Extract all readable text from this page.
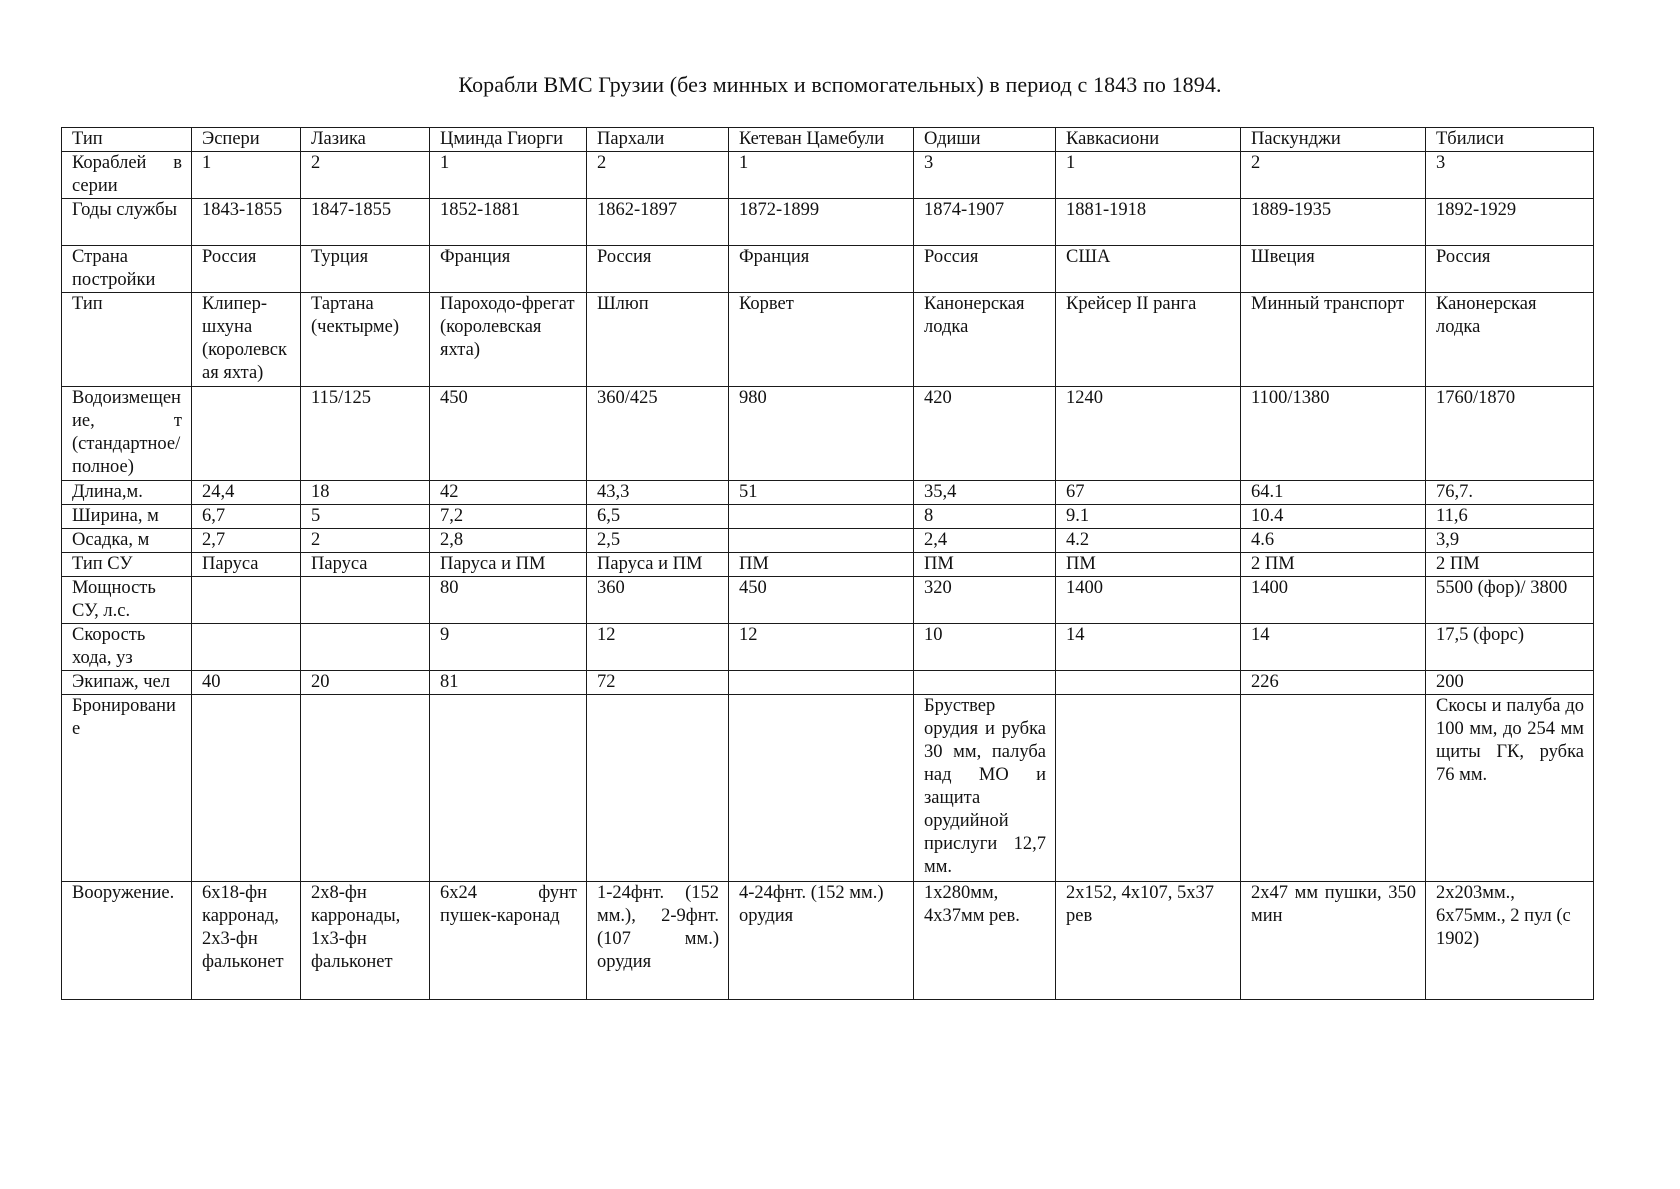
Корабли ВМС Грузии (без минных и вспомогательных) в период с 1843 по 1894.
Тип	Эспери	Лазика	Цминда Гиорги	Пархали	Кетеван Цамебули	Одиши	Кавкасиони	Паскунджи	Тбилиси
Кораблей в серии	1	2	1	2	1	3	1	2	3
Годы службы	1843-1855	1847-1855	1852-1881	1862-1897	1872-1899	1874-1907	1881-1918	1889-1935	1892-1929
Страна постройки	Россия	Турция	Франция	Россия	Франция	Россия	США	Швеция	Россия
Тип	Клипер-шхуна (королевская яхта)	Тартана (чектырме)	Пароходо-фрегат (королевская яхта)	Шлюп	Корвет	Канонерская лодка	Крейсер II ранга	Минный транспорт	Канонерская лодка
Водоизмещение, т (стандартное/полное)		115/125	450	360/425	980	420	1240	1100/1380	1760/1870
Длина,м.	24,4	18	42	43,3	51	35,4	67	64.1	76,7.
Ширина, м	6,7	5	7,2	6,5		8	9.1	10.4	11,6
Осадка, м	2,7	2	2,8	2,5		2,4	4.2	4.6	3,9
Тип СУ	Паруса	Паруса	Паруса и ПМ	Паруса и ПМ	ПМ	ПМ	ПМ	2 ПМ	2 ПМ
Мощность СУ, л.с.			80	360	450	320	1400	1400	5500 (фор)/ 3800
Скорость хода, уз			9	12	12	10	14	14	17,5 (форс)
Экипаж, чел	40	20	81	72				226	200
Бронирование						Бруствер орудия и рубка 30 мм, палуба над МО и защита орудийной прислуги 12,7 мм.			Скосы и палуба до 100 мм, до 254 мм щиты ГК, рубка 76 мм.
Вооружение.	6х18-фн карронад, 2х3-фн фальконет	2х8-фн карронады, 1х3-фн фальконет	6х24 фунт пушек-каронад	1-24фнт. (152 мм.), 2-9фнт. (107 мм.) орудия	4-24фнт. (152 мм.) орудия	1х280мм, 4х37мм рев.	2х152, 4х107, 5х37 рев	2х47 мм пушки, 350 мин	2х203мм., 6х75мм., 2 пул (с 1902)
